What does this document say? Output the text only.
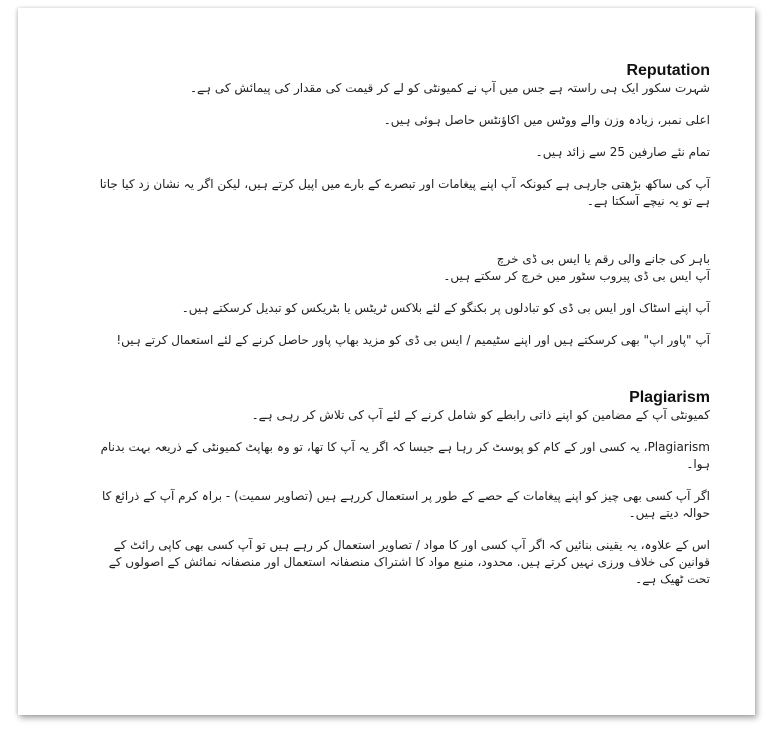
Reputation

شہرت سکور ایک ہی راستہ ہے جس میں آپ نے کمیونٹی کو لے کر قیمت کی مقدار کی پیمائش کی ہے۔

اعلی نمبر، زیادہ وزن والے ووٹس میں اکاؤنٹس حاصل ہوئی ہیں۔

تمام نئے صارفین 25 سے زائد ہیں۔

آپ کی ساکھ بڑھتی جارہی ہے کیونکہ آپ اپنے پیغامات اور تبصرے کے بارے میں اپیل کرتے ہیں، لیکن اگر یہ نشان زد کیا جاتا ہے تو یہ نیچے آسکتا ہے۔

باہر کی جانے والی رقم یا ایس بی ڈی خرچ

آپ ایس بی ڈی پیروب سٹور میں خرچ کر سکتے ہیں۔

آپ اپنے اسٹاک اور ایس بی ڈی کو تبادلوں پر بکنگو کے لئے بلاکس ٹریٹس یا بٹریکس کو تبدیل کرسکتے ہیں۔

آپ "پاور اپ" بھی کرسکتے ہیں اور اپنے سٹیمیم / ایس بی ڈی کو مزید بھاپ پاور حاصل کرنے کے لئے استعمال کرتے ہیں!

Plagiarism

کمیونٹی آپ کے مضامین کو اپنے ذاتی رابطے کو شامل کرنے کے لئے آپ کی تلاش کر رہی ہے۔

Plagiarism، یہ کسی اور کے کام کو پوسٹ کر رہا ہے جیسا کہ اگر یہ آپ کا تھا، تو وہ بھاپٹ کمیونٹی کے ذریعہ بہت بدنام ہوا۔

اگر آپ کسی بھی چیز کو اپنے پیغامات کے حصے کے طور پر استعمال کررہے ہیں (تصاویر سمیت) - براہ کرم آپ کے ذرائع کا حوالہ دیتے ہیں۔

اس کے علاوہ، یہ یقینی بنائیں کہ اگر آپ کسی اور کا مواد / تصاویر استعمال کر رہے ہیں تو آپ کسی بھی کاپی رائٹ کے قوانین کی خلاف ورزی نہیں کرتے ہیں. محدود، منبع مواد کا اشتراک منصفانہ استعمال اور منصفانہ نمائش کے اصولوں کے تحت ٹھیک ہے۔
